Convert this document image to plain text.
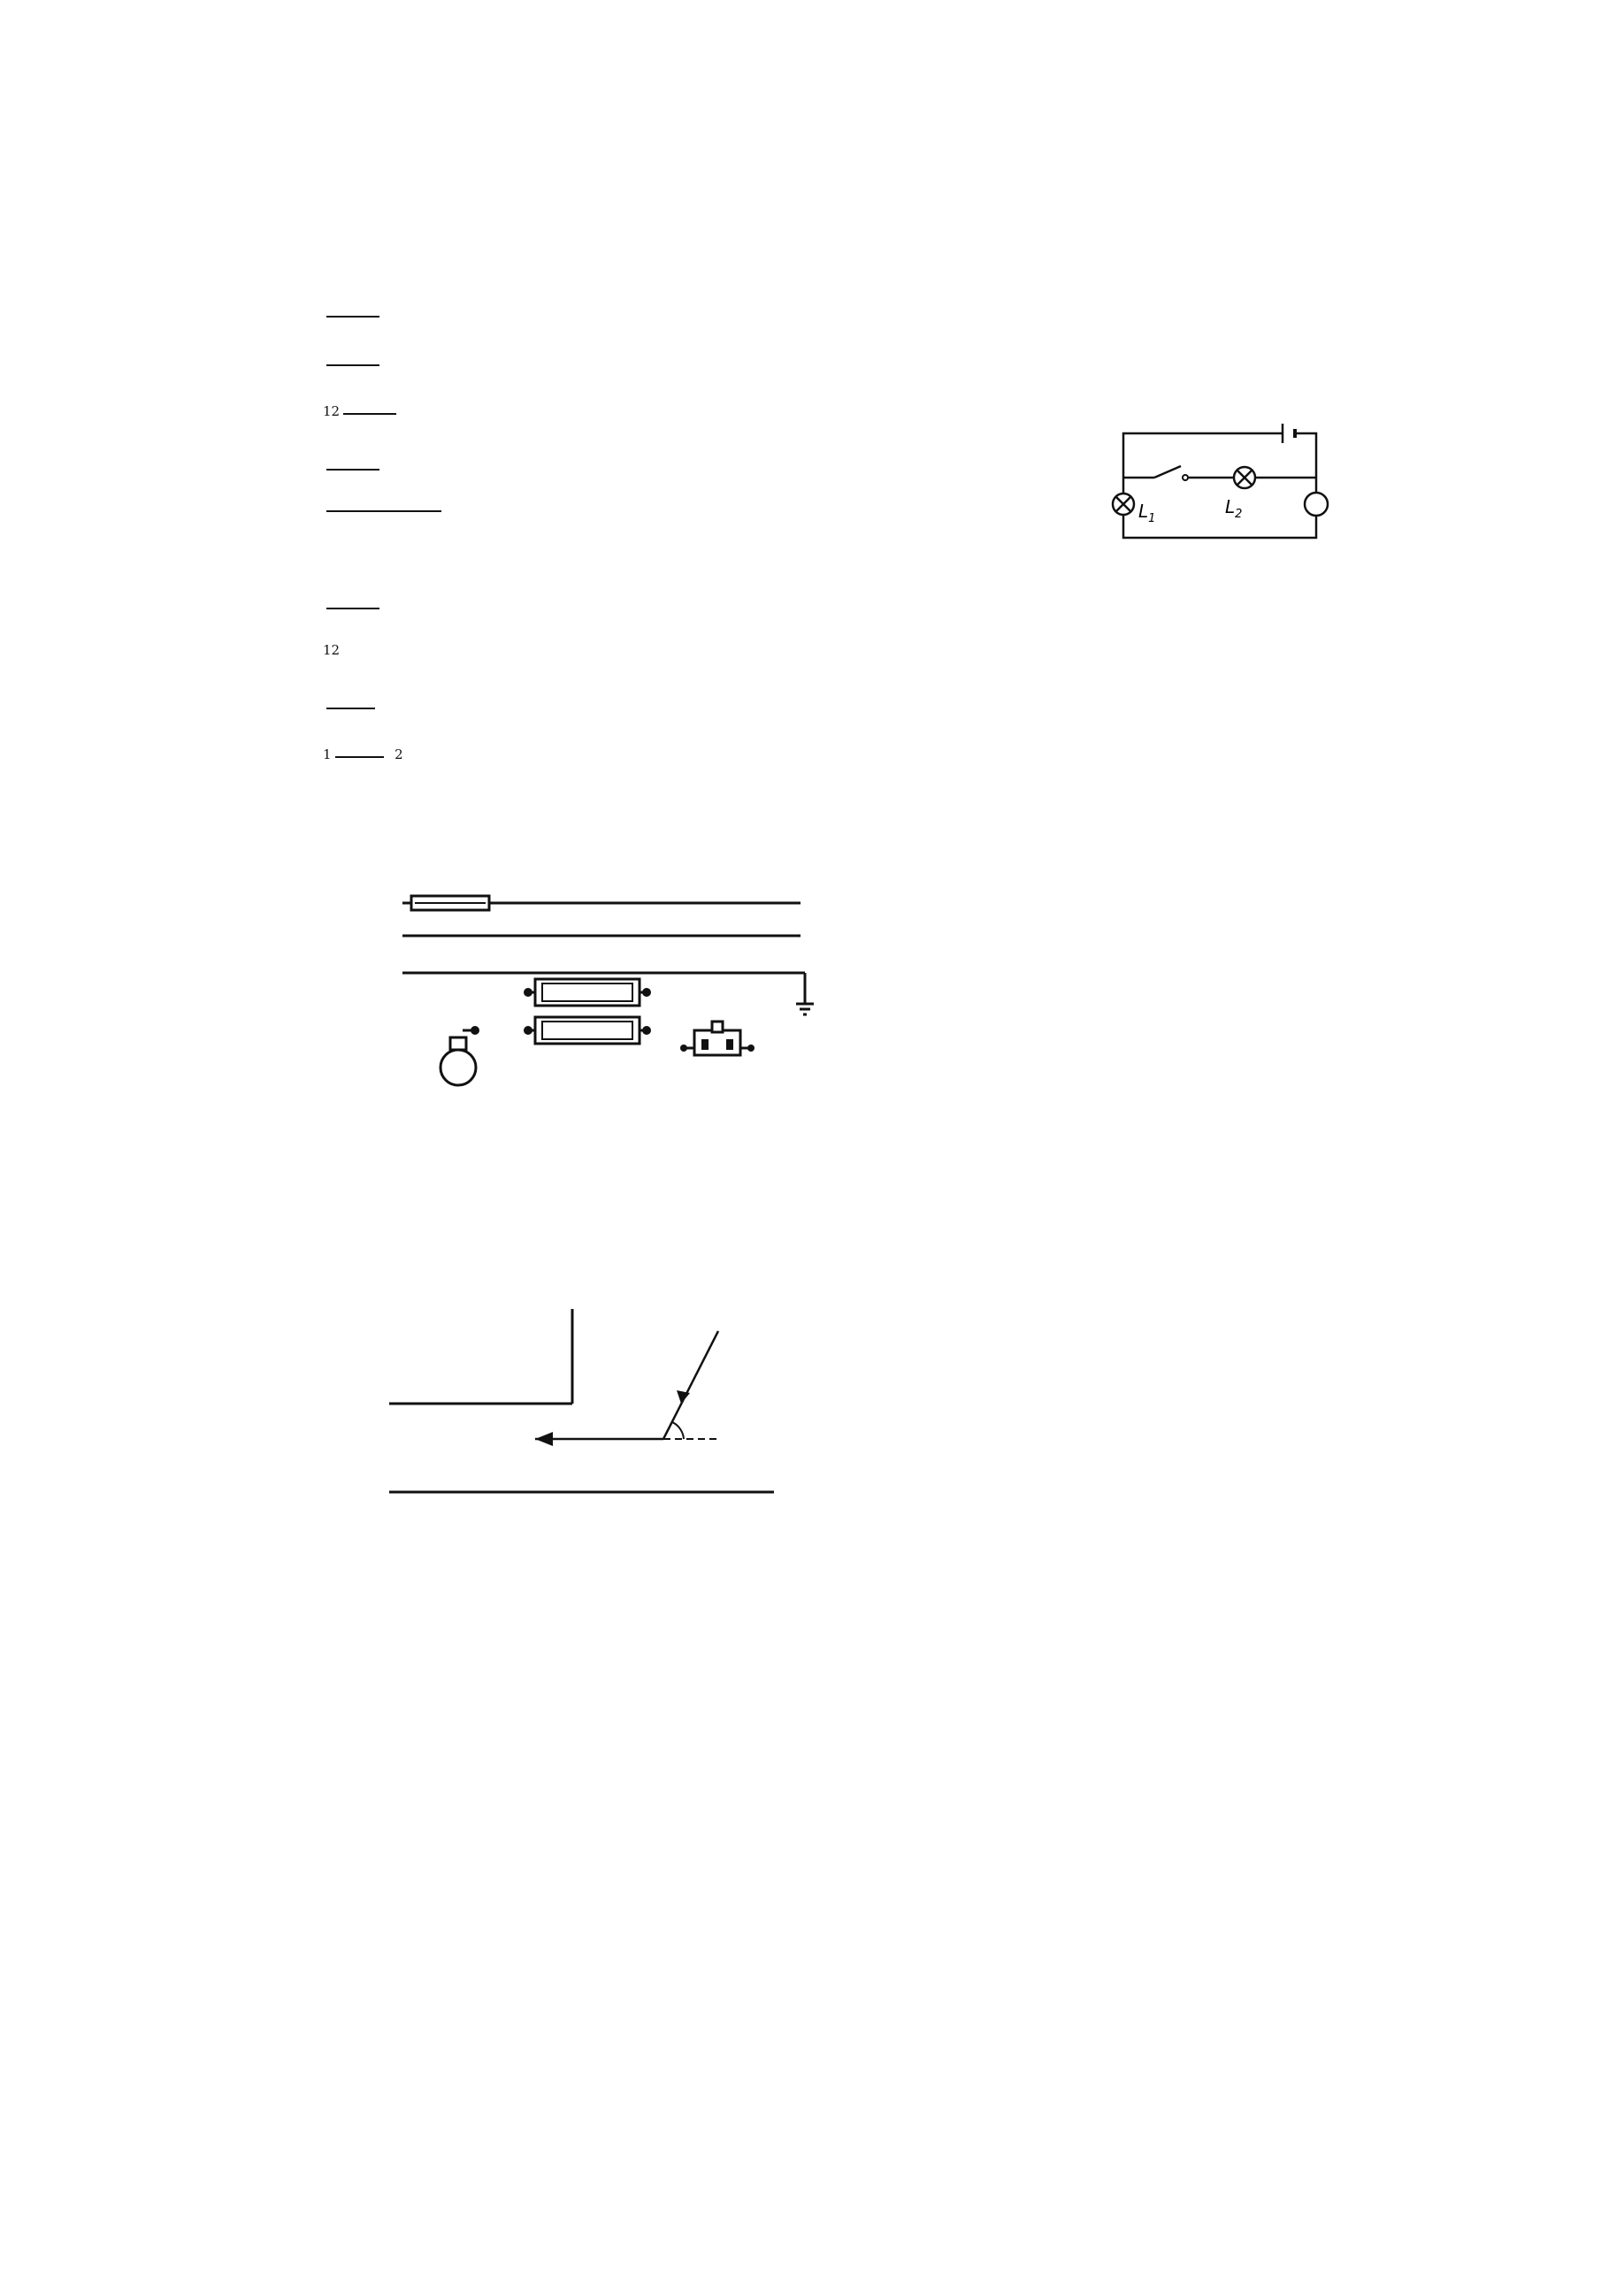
$_{12}$

$L_1$
$L_2$

$_{12}$

$_1$	$_2$
